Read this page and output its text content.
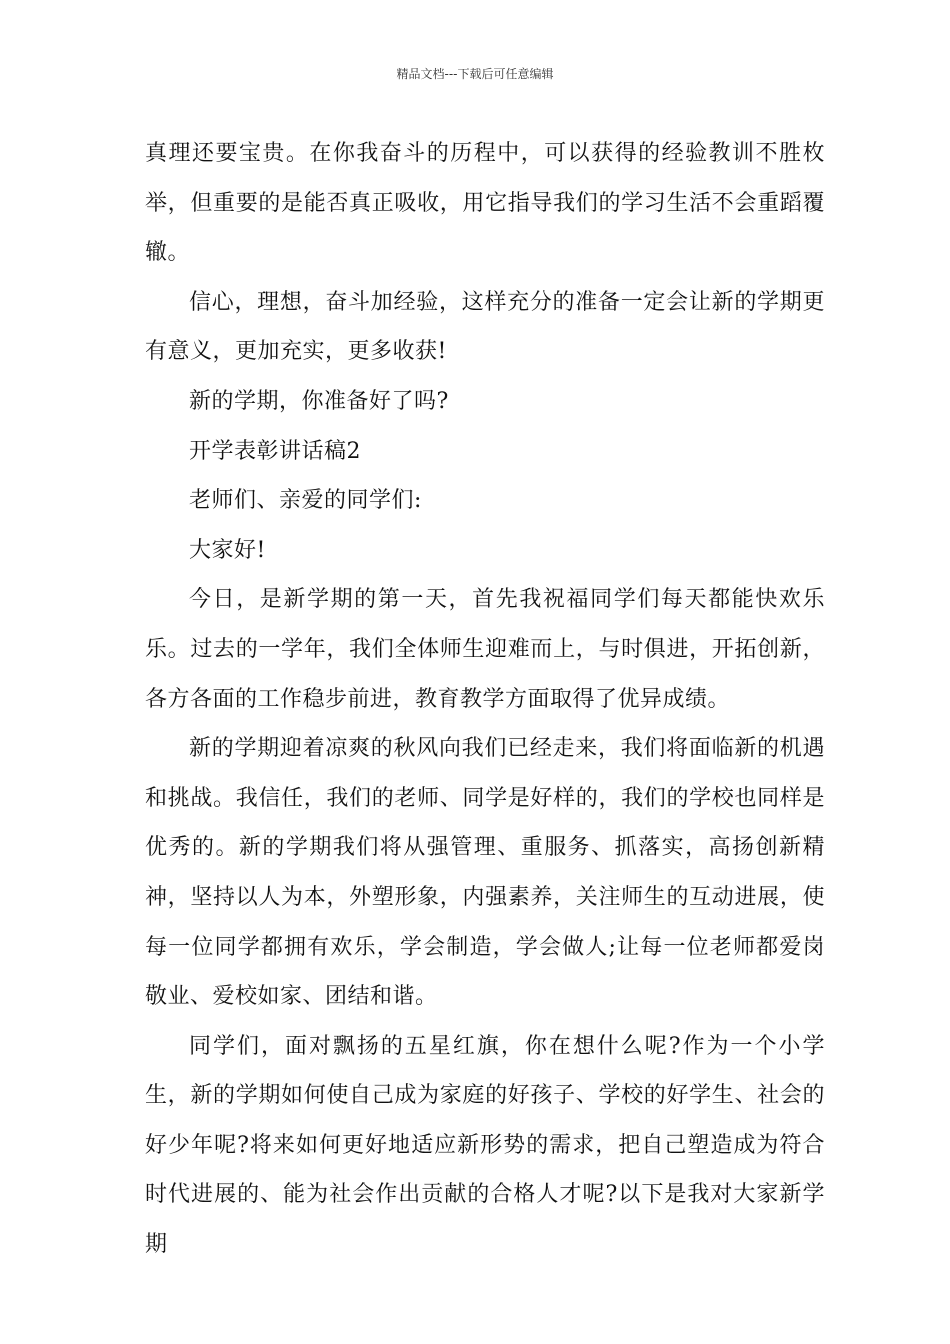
精品文档---下载后可任意编辑

真理还要宝贵。在你我奋斗的历程中，可以获得的经验教训不胜枚举，但重要的是能否真正吸收，用它指导我们的学习生活不会重蹈覆辙。

信心，理想，奋斗加经验，这样充分的准备一定会让新的学期更有意义，更加充实，更多收获!

新的学期，你准备好了吗?

开学表彰讲话稿2

老师们、亲爱的同学们:

大家好!

今日，是新学期的第一天，首先我祝福同学们每天都能快欢乐乐。过去的一学年，我们全体师生迎难而上，与时俱进，开拓创新，各方各面的工作稳步前进，教育教学方面取得了优异成绩。

新的学期迎着凉爽的秋风向我们已经走来，我们将面临新的机遇和挑战。我信任，我们的老师、同学是好样的，我们的学校也同样是优秀的。新的学期我们将从强管理、重服务、抓落实，高扬创新精神，坚持以人为本，外塑形象，内强素养，关注师生的互动进展，使每一位同学都拥有欢乐，学会制造，学会做人;让每一位老师都爱岗敬业、爱校如家、团结和谐。

同学们，面对飘扬的五星红旗，你在想什么呢?作为一个小学生，新的学期如何使自己成为家庭的好孩子、学校的好学生、社会的好少年呢?将来如何更好地适应新形势的需求，把自己塑造成为符合时代进展的、能为社会作出贡献的合格人才呢?以下是我对大家新学期
